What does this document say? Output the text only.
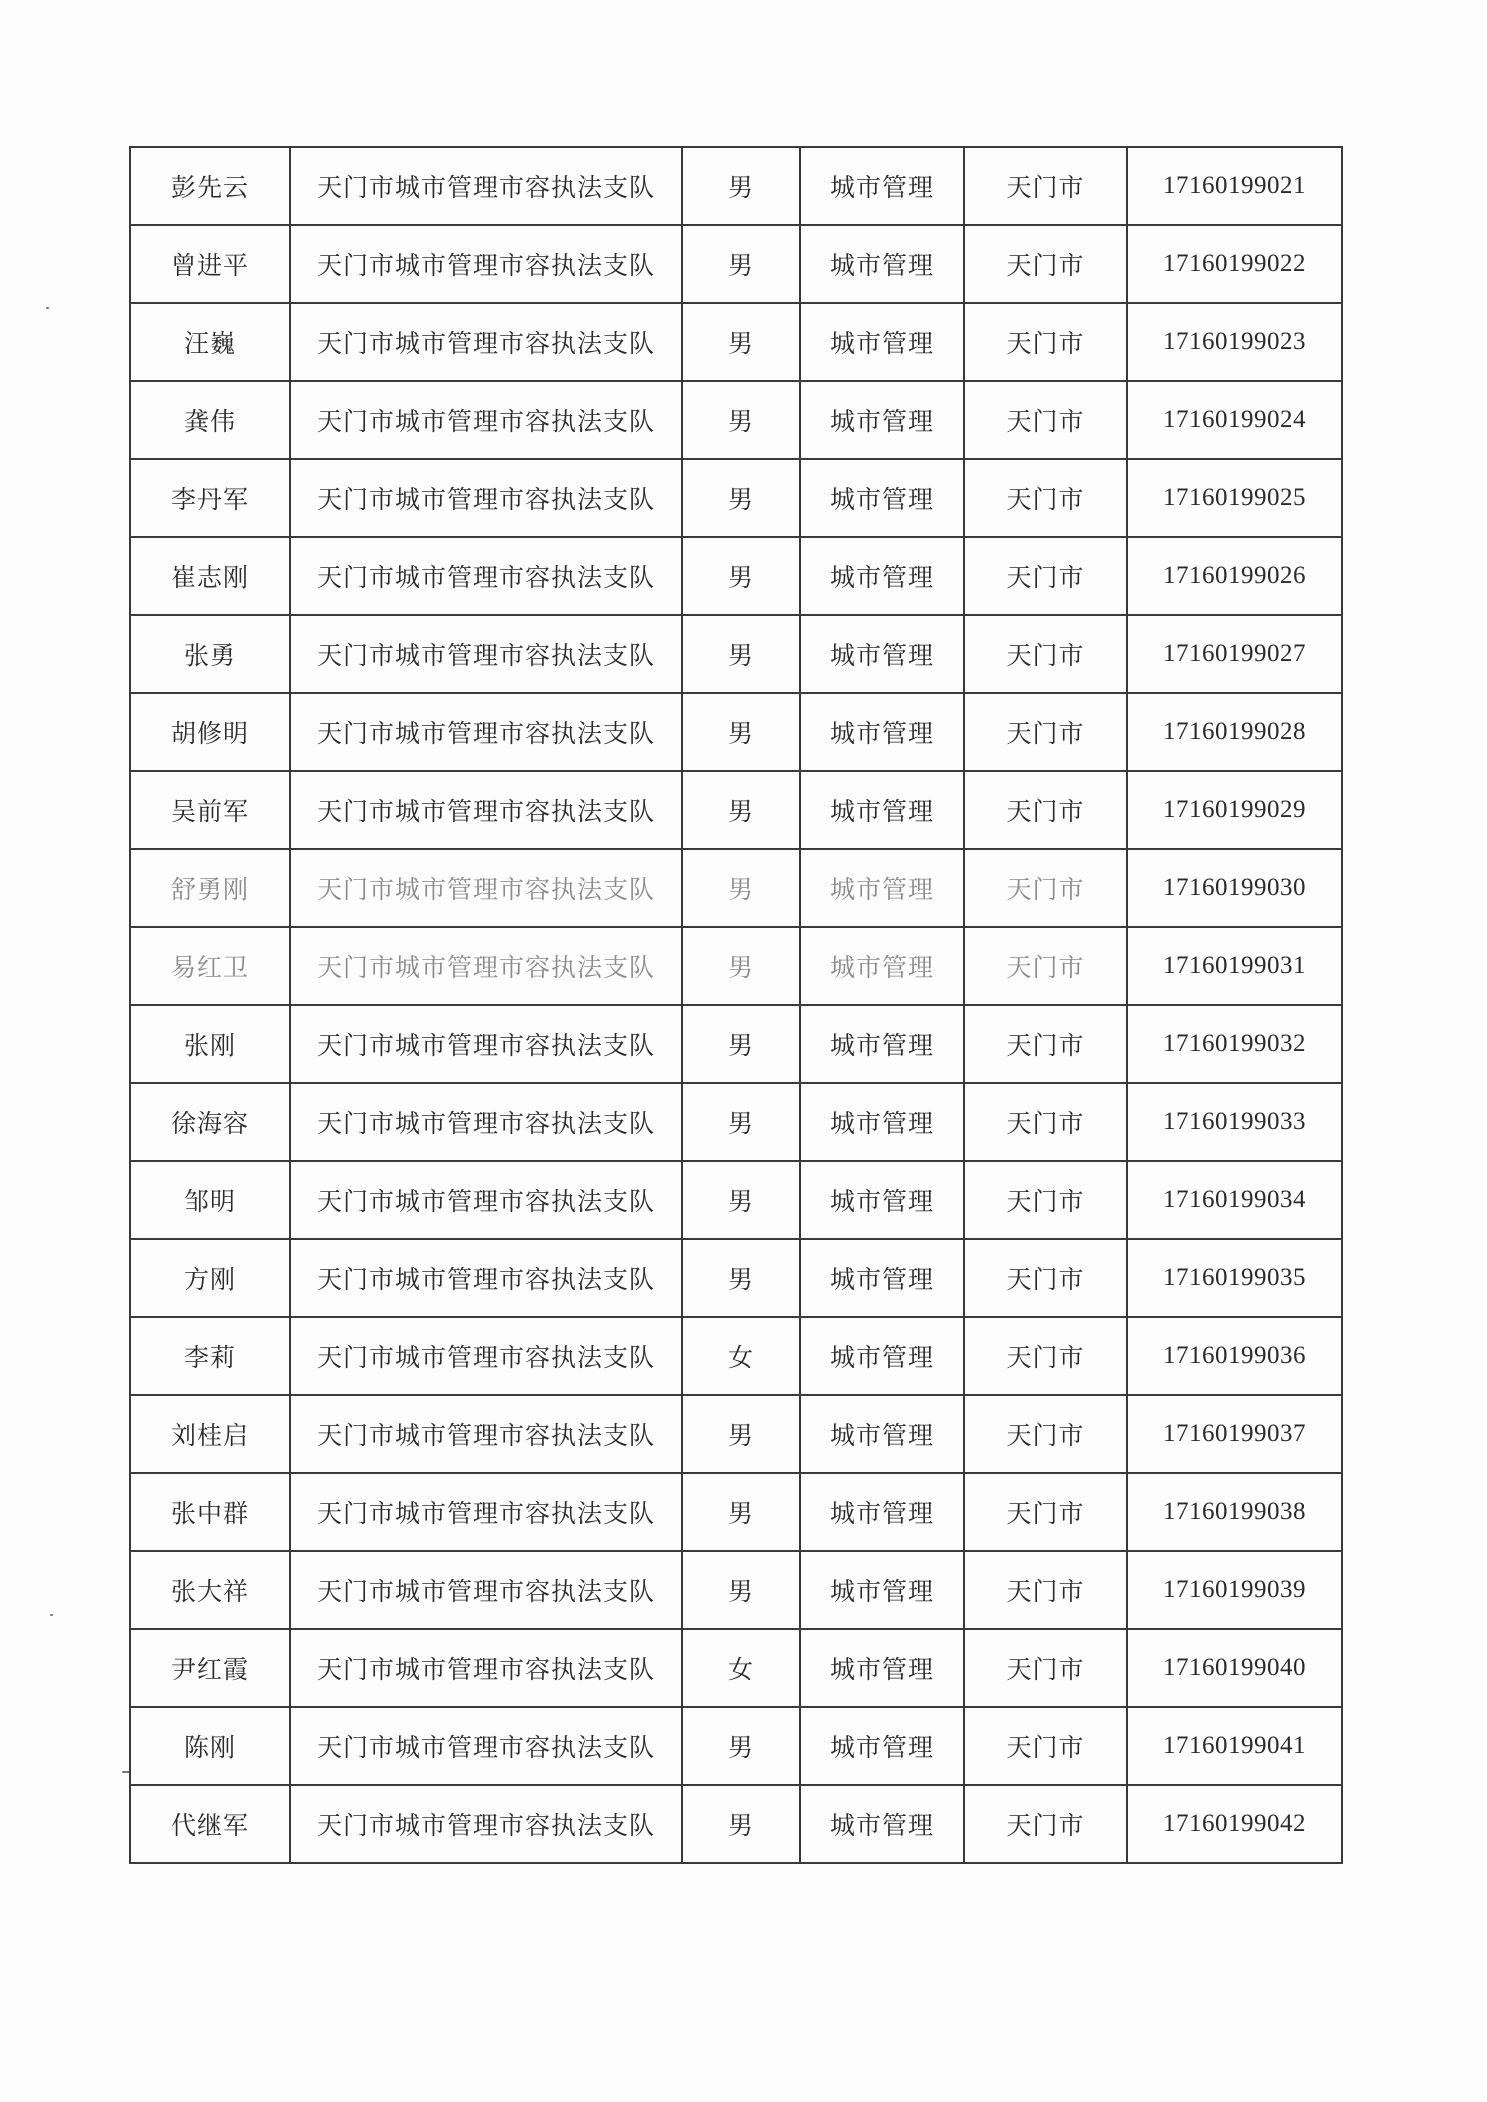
彭先云	天门市城市管理市容执法支队	男	城市管理	天门市	17160199021
曾进平	天门市城市管理市容执法支队	男	城市管理	天门市	17160199022
汪巍	天门市城市管理市容执法支队	男	城市管理	天门市	17160199023
龚伟	天门市城市管理市容执法支队	男	城市管理	天门市	17160199024
李丹军	天门市城市管理市容执法支队	男	城市管理	天门市	17160199025
崔志刚	天门市城市管理市容执法支队	男	城市管理	天门市	17160199026
张勇	天门市城市管理市容执法支队	男	城市管理	天门市	17160199027
胡修明	天门市城市管理市容执法支队	男	城市管理	天门市	17160199028
吴前军	天门市城市管理市容执法支队	男	城市管理	天门市	17160199029
舒勇刚	天门市城市管理市容执法支队	男	城市管理	天门市	17160199030
易红卫	天门市城市管理市容执法支队	男	城市管理	天门市	17160199031
张刚	天门市城市管理市容执法支队	男	城市管理	天门市	17160199032
徐海容	天门市城市管理市容执法支队	男	城市管理	天门市	17160199033
邹明	天门市城市管理市容执法支队	男	城市管理	天门市	17160199034
方刚	天门市城市管理市容执法支队	男	城市管理	天门市	17160199035
李莉	天门市城市管理市容执法支队	女	城市管理	天门市	17160199036
刘桂启	天门市城市管理市容执法支队	男	城市管理	天门市	17160199037
张中群	天门市城市管理市容执法支队	男	城市管理	天门市	17160199038
张大祥	天门市城市管理市容执法支队	男	城市管理	天门市	17160199039
尹红霞	天门市城市管理市容执法支队	女	城市管理	天门市	17160199040
陈刚	天门市城市管理市容执法支队	男	城市管理	天门市	17160199041
代继军	天门市城市管理市容执法支队	男	城市管理	天门市	17160199042
